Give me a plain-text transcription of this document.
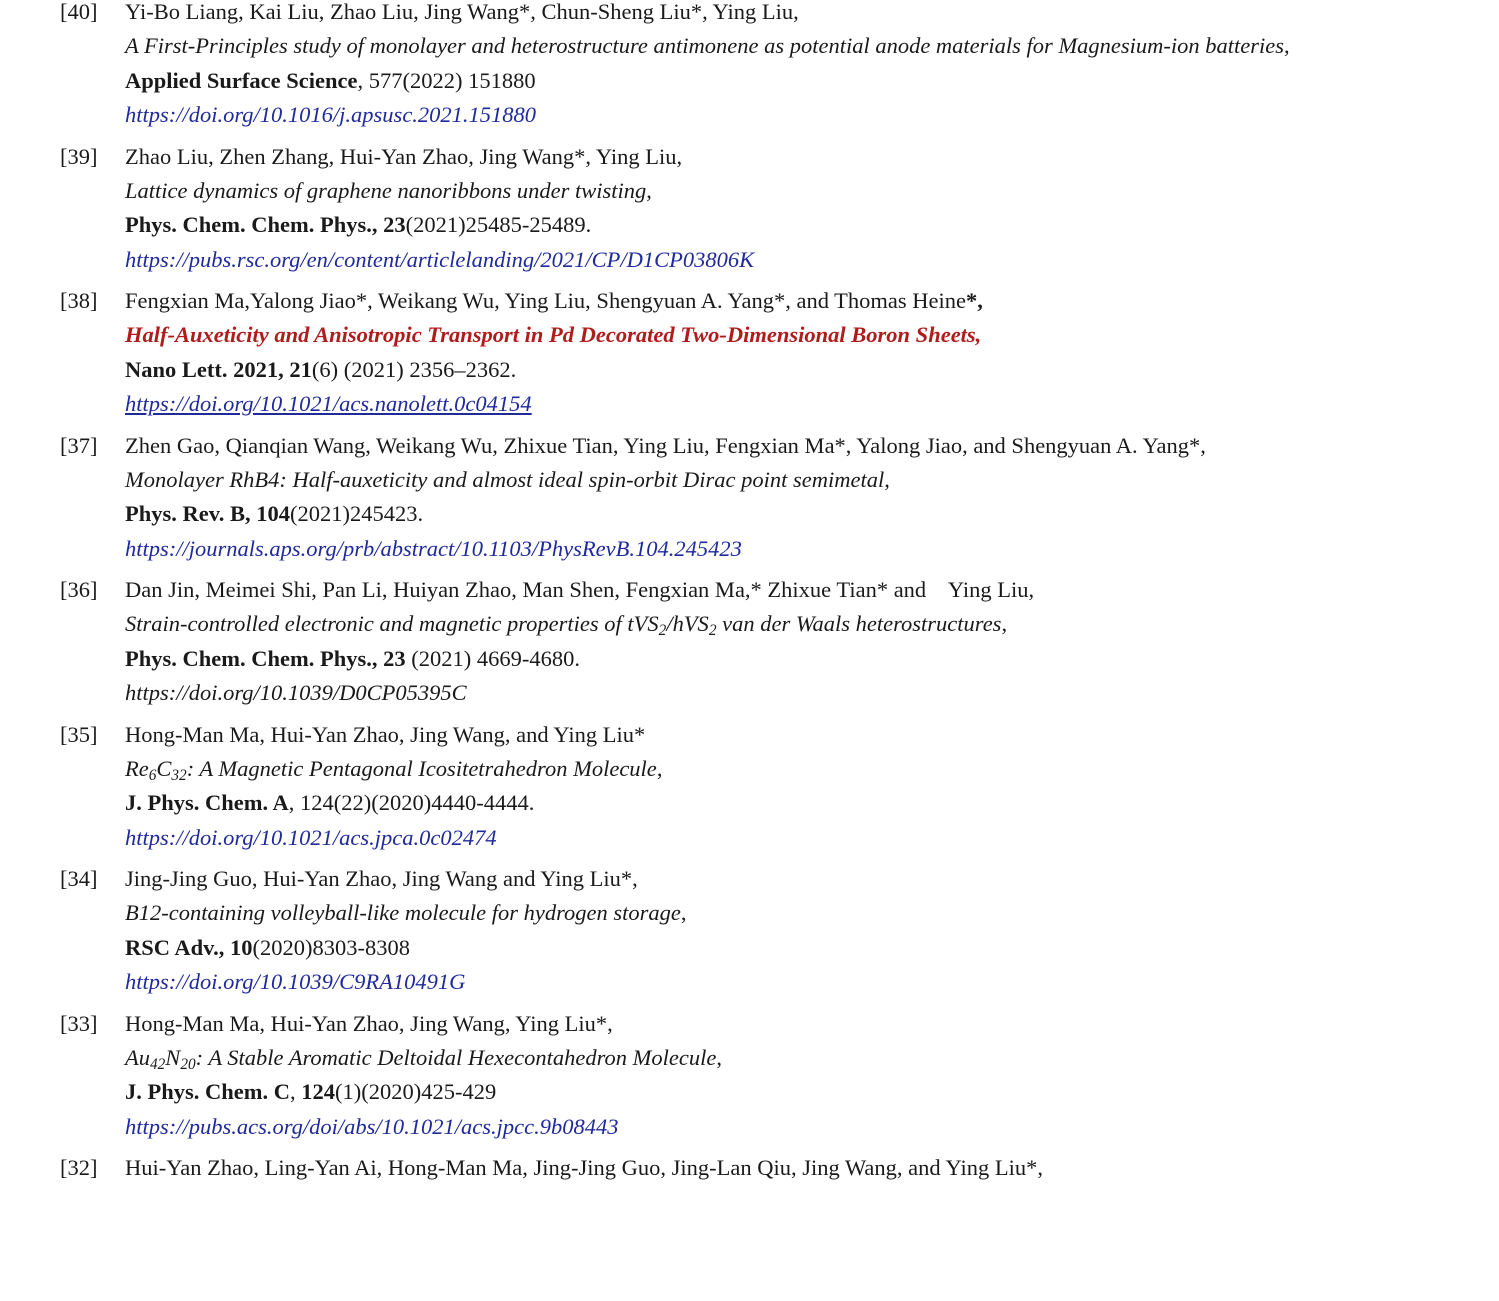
[40] Yi-Bo Liang, Kai Liu, Zhao Liu, Jing Wang*, Chun-Sheng Liu*, Ying Liu,
A First-Principles study of monolayer and heterostructure antimonene as potential anode materials for Magnesium-ion batteries,
Applied Surface Science, 577(2022) 151880
https://doi.org/10.1016/j.apsusc.2021.151880
[39] Zhao Liu, Zhen Zhang, Hui-Yan Zhao, Jing Wang*, Ying Liu,
Lattice dynamics of graphene nanoribbons under twisting,
Phys. Chem. Chem. Phys., 23(2021)25485-25489.
https://pubs.rsc.org/en/content/articlelanding/2021/CP/D1CP03806K
[38] Fengxian Ma,Yalong Jiao*, Weikang Wu, Ying Liu, Shengyuan A. Yang*, and Thomas Heine*,
Half-Auxeticity and Anisotropic Transport in Pd Decorated Two-Dimensional Boron Sheets,
Nano Lett. 2021, 21(6) (2021) 2356–2362.
https://doi.org/10.1021/acs.nanolett.0c04154
[37] Zhen Gao, Qianqian Wang, Weikang Wu, Zhixue Tian, Ying Liu, Fengxian Ma*, Yalong Jiao, and Shengyuan A. Yang*,
Monolayer RhB4: Half-auxeticity and almost ideal spin-orbit Dirac point semimetal,
Phys. Rev. B, 104(2021)245423.
https://journals.aps.org/prb/abstract/10.1103/PhysRevB.104.245423
[36] Dan Jin, Meimei Shi, Pan Li, Huiyan Zhao, Man Shen, Fengxian Ma,* Zhixue Tian* and    Ying Liu,
Strain-controlled electronic and magnetic properties of tVS$_2$/hVS$_2$ van der Waals heterostructures,
Phys. Chem. Chem. Phys., 23 (2021) 4669-4680.
https://doi.org/10.1039/D0CP05395C
[35] Hong-Man Ma, Hui-Yan Zhao, Jing Wang, and Ying Liu*
$Re_6C_{32}$: A Magnetic Pentagonal Icositetrahedron Molecule,
J. Phys. Chem. A, 124(22)(2020)4440-4444.
https://doi.org/10.1021/acs.jpca.0c02474
[34] Jing-Jing Guo, Hui-Yan Zhao, Jing Wang and Ying Liu*,
B12-containing volleyball-like molecule for hydrogen storage,
RSC Adv., 10(2020)8303-8308
https://doi.org/10.1039/C9RA10491G
[33] Hong-Man Ma, Hui-Yan Zhao, Jing Wang, Ying Liu*,
$Au_{42}N_{20}$: A Stable Aromatic Deltoidal Hexecontahedron Molecule,
J. Phys. Chem. C, 124(1)(2020)425-429
https://pubs.acs.org/doi/abs/10.1021/acs.jpcc.9b08443
[32] Hui-Yan Zhao, Ling-Yan Ai, Hong-Man Ma, Jing-Jing Guo, Jing-Lan Qiu, Jing Wang, and Ying Liu*,
